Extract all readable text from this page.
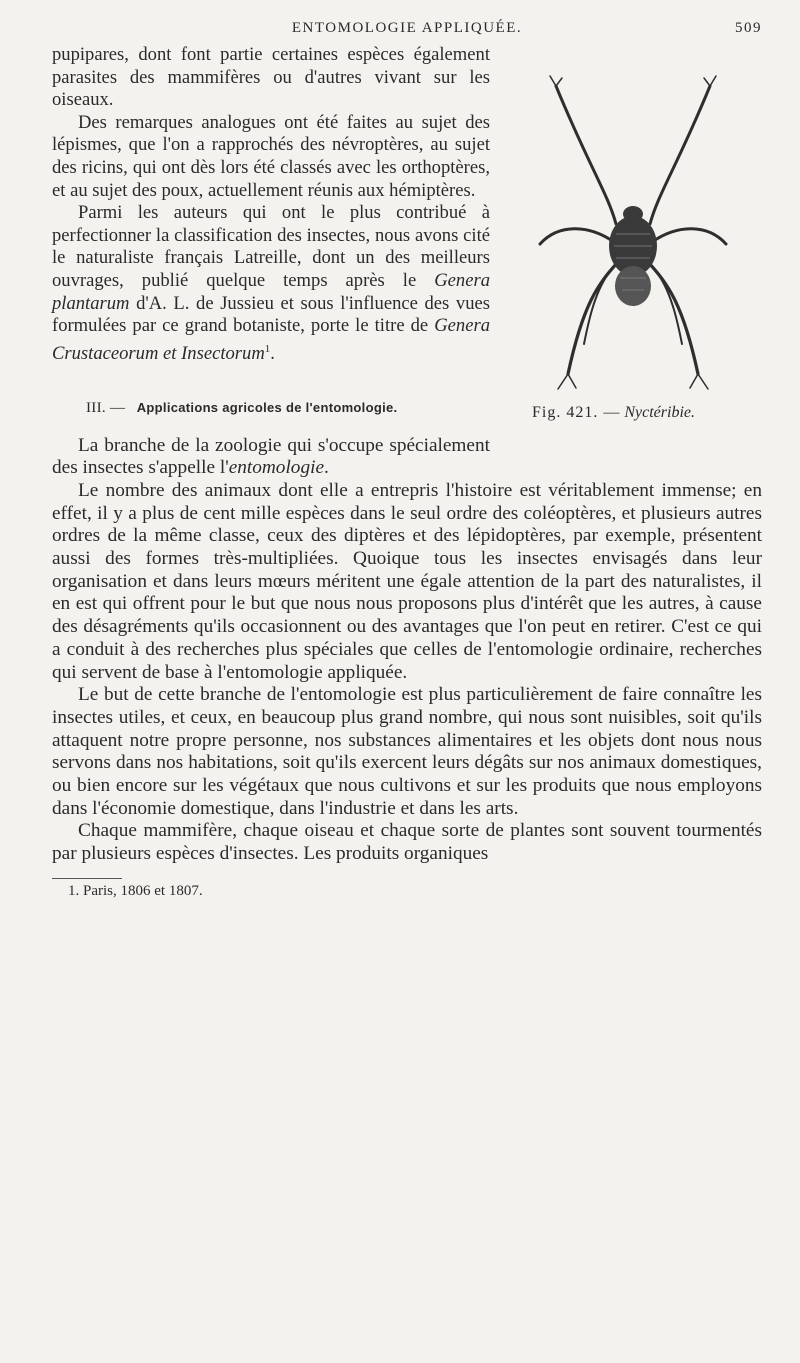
ENTOMOLOGIE APPLIQUÉE.	509
Fig. 421. — Nyctéribie.

pupipares, dont font partie certaines espèces également parasites des mammifères ou d'autres vivant sur les oiseaux.

Des remarques analogues ont été faites au sujet des lépismes, que l'on a rapprochés des névroptères, au sujet des ricins, qui ont dès lors été classés avec les orthoptères, et au sujet des poux, actuellement réunis aux hémiptères.

Parmi les auteurs qui ont le plus contribué à perfectionner la classification des insectes, nous avons cité le naturaliste français Latreille, dont un des meilleurs ouvrages, publié quelque temps après le Genera plantarum d'A. L. de Jussieu et sous l'influence des vues formulées par ce grand botaniste, porte le titre de Genera Crustaceorum et Insectorum$^1$.

III. — Applications agricoles de l'entomologie.

La branche de la zoologie qui s'occupe spécialement des insectes s'appelle l'entomologie.

Le nombre des animaux dont elle a entrepris l'histoire est véritablement immense; en effet, il y a plus de cent mille espèces dans le seul ordre des coléoptères, et plusieurs autres ordres de la même classe, ceux des diptères et des lépidoptères, par exemple, présentent aussi des formes très-multipliées. Quoique tous les insectes envisagés dans leur organisation et dans leurs mœurs méritent une égale attention de la part des naturalistes, il en est qui offrent pour le but que nous nous proposons plus d'intérêt que les autres, à cause des désagréments qu'ils occasionnent ou des avantages que l'on peut en retirer. C'est ce qui a conduit à des recherches plus spéciales que celles de l'entomologie ordinaire, recherches qui servent de base à l'entomologie appliquée.

Le but de cette branche de l'entomologie est plus particulièrement de faire connaître les insectes utiles, et ceux, en beaucoup plus grand nombre, qui nous sont nuisibles, soit qu'ils attaquent notre propre personne, nos substances alimentaires et les objets dont nous nous servons dans nos habitations, soit qu'ils exercent leurs dégâts sur nos animaux domestiques, ou bien encore sur les végétaux que nous cultivons et sur les produits que nous employons dans l'économie domestique, dans l'industrie et dans les arts.

Chaque mammifère, chaque oiseau et chaque sorte de plantes sont souvent tourmentés par plusieurs espèces d'insectes. Les produits organiques

1. Paris, 1806 et 1807.
